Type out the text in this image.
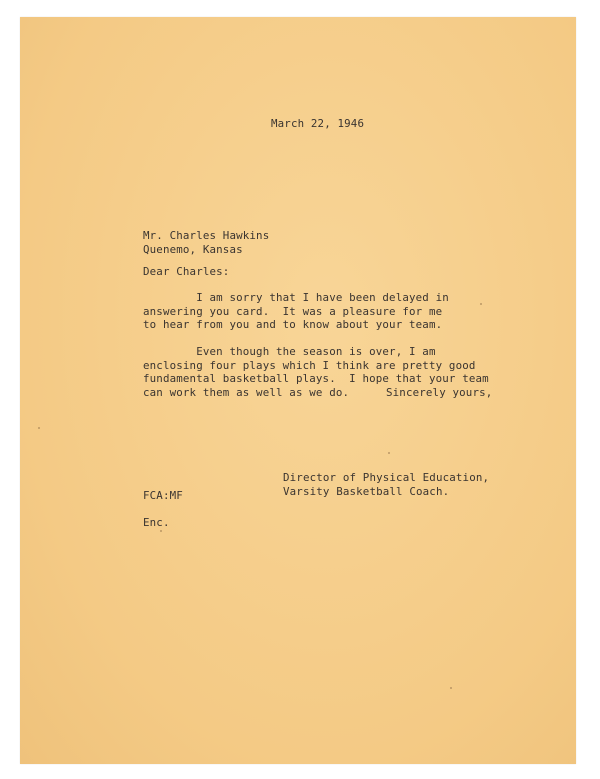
March 22, 1946
Mr. Charles Hawkins
Quenemo, Kansas
Dear Charles:
I am sorry that I have been delayed in
answering you card.  It was a pleasure for me
to hear from you and to know about your team.
Even though the season is over, I am
enclosing four plays which I think are pretty good
fundamental basketball plays.  I hope that your team
can work them as well as we do.	Sincerely yours,
Director of Physical Education,
Varsity Basketball Coach.
FCA:MF
Enc.
